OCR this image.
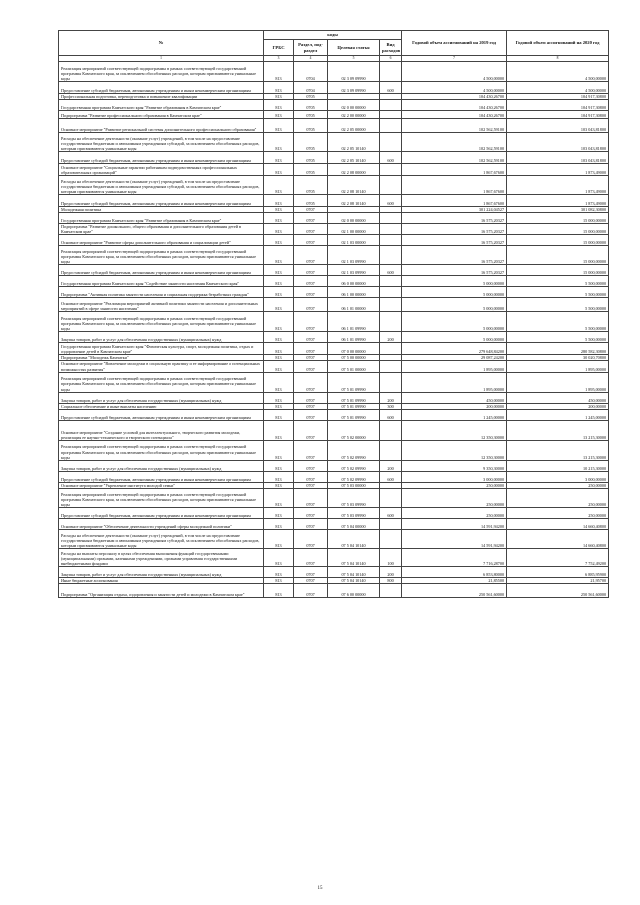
№	коды				Годовой объем ассигнований на 2019 год	Годовой объем ассигнований на 2020 год
	ГРБС	Раздел, под-раздел	Целевая статья	Вид расходов		
1	3	4	5	6	7	8
Реализация мероприятий соответствующей подпрограммы в рамках соответствующей государственной программы Камчатского края, за исключением обособленных расходов, которым присваиваются уникальные коды	813	0704	02 3 09 09990		4 500,00000	4 500,00000
Предоставление субсидий бюджетным, автономным учреждениям и иным некоммерческим организациям	813	0704	02 3 09 09990	600	4 500,00000	4 500,00000
Профессиональная подготовка, переподготовка и повышение квалификации	813	0705			104 430,26700	104 917,30800
Государственная программа Камчатского края "Развитие образования в Камчатском крае"	813	0705	02 0 00 00000		104 430,26700	104 917,30800
Подпрограмма "Развитие профессионального образования в Камчатском крае"	813	0705	02 2 00 00000		104 430,26700	104 917,30800
Основное мероприятие "Развитие региональной системы дополнительного профессионального образования"	813	0705	02 2 05 00000		102 562,59100	103 043,81800
Расходы на обеспечение деятельности (оказание услуг) учреждений, в том числе на предоставление государственным бюджетным и автономным учреждениям субсидий, за исключением обособленных расходов, которым присваиваются уникальные коды	813	0705	02 2 05 10140		102 562,59100	103 043,81800
Предоставление субсидий бюджетным, автономным учреждениям и иным некоммерческим организациям	813	0705	02 2 05 10140	600	102 562,59100	103 043,81800
Основное мероприятие "Социальные гарантии работникам подведомственных профессиональных образовательных организаций"	813	0705	02 2 08 00000		1 867,67600	1 873,49000
Расходы на обеспечение деятельности (оказание услуг) учреждений, в том числе на предоставление государственным бюджетным и автономным учреждениям субсидий, за исключением обособленных расходов, которым присваиваются уникальные коды	813	0705	02 2 08 10140		1 867,67600	1 873,49000
Предоставление субсидий бюджетным, автономным учреждениям и иным некоммерческим организациям	813	0705	02 2 08 10140	600	1 867,67600	1 873,49000
Молодежная политика	813	0707			301 224,04527	301 082,30800
Государственная программа Камчатского края "Развитие образования в Камчатском крае"	813	0707	02 0 00 00000		16 575,20327	15 000,00000
Подпрограмма "Развитие дошкольного, общего образования и дополнительного образования детей в Камчатском крае"	813	0707	02 1 00 00000		16 575,20327	15 000,00000
Основное мероприятие "Развитие сферы дополнительного образования и социализации детей"	813	0707	02 1 03 00000		16 575,20327	15 000,00000
Реализация мероприятий соответствующей подпрограммы в рамках соответствующей государственной программы Камчатского края, за исключением обособленных расходов, которым присваиваются уникальные коды	813	0707	02 1 03 09990		16 575,20327	15 000,00000
Предоставление субсидий бюджетным, автономным учреждениям и иным некоммерческим организациям	813	0707	02 1 03 09990	600	16 575,20327	15 000,00000
Государственная программа Камчатского края "Содействие занятости населения Камчатского края"	813	0707	06 0 00 00000		5 000,00000	5 500,00000
Подпрограмма "Активная политика занятости населения и социальная поддержка безработных граждан"	813	0707	06 1 00 00000		5 000,00000	5 500,00000
Основное мероприятие "Реализация мероприятий активной политики занятости населения и дополнительных мероприятий в сфере занятости населения"	813	0707	06 1 01 00000		5 000,00000	5 500,00000
Реализация мероприятий соответствующей подпрограммы в рамках соответствующей государственной программы Камчатского края, за исключением обособленных расходов, которым присваиваются уникальные коды	813	0707	06 1 01 09990		5 000,00000	5 500,00000
Закупка товаров, работ и услуг для обеспечения государственных (муниципальных) нужд	813	0707	06 1 01 09990	200	5 000,00000	5 500,00000
Государственная программа Камчатского края "Физическая культура, спорт, молодежная политика, отдых и оздоровление детей в Камчатском крае"	813	0707	07 0 00 00000		279 648,84200	280 582,30800
Подпрограмма "Молодежь Камчатки"	813	0707	07 5 00 00000		29 087,24200	30 020,70800
Основное мероприятие "Вовлечение молодежи в социальную практику и ее информирование о потенциальных возможностях развития"	813	0707	07 5 01 00000		1 895,00000	1 895,00000
Реализация мероприятий соответствующей подпрограммы в рамках соответствующей государственной программы Камчатского края, за исключением обособленных расходов, которым присваиваются уникальные коды	813	0707	07 5 01 09990		1 895,00000	1 895,00000
Закупка товаров, работ и услуг для обеспечения государственных (муниципальных) нужд	813	0707	07 5 01 09990	200	450,00000	450,00000
Социальное обеспечение и иные выплаты населению	813	0707	07 5 01 09990	300	200,00000	200,00000
Предоставление субсидий бюджетным, автономным учреждениям и иным некоммерческим организациям	813	0707	07 5 01 09990	600	1 245,00000	1 245,00000
Основное мероприятие "Создание условий для интеллектуального, творческого развития молодежи, реализация ее научно-технического и творческого потенциала"	813	0707	07 5 02 00000		12 350,30000	13 215,30000
Реализация мероприятий соответствующей подпрограммы в рамках соответствующей государственной программы Камчатского края, за исключением обособленных расходов, которым присваиваются уникальные коды	813	0707	07 5 02 09990		12 350,30000	13 215,30000
Закупка товаров, работ и услуг для обеспечения государственных (муниципальных) нужд	813	0707	07 5 02 09990	200	9 350,30000	10 215,30000
Предоставление субсидий бюджетным, автономным учреждениям и иным некоммерческим организациям	813	0707	07 5 02 09990	600	3 000,00000	3 000,00000
Основное мероприятие "Укрепление института молодой семьи"	813	0707	07 5 03 00000		250,00000	250,00000
Реализация мероприятий соответствующей подпрограммы в рамках соответствующей государственной программы Камчатского края, за исключением обособленных расходов, которым присваиваются уникальные коды	813	0707	07 5 03 09990		250,00000	250,00000
Предоставление субсидий бюджетным, автономным учреждениям и иным некоммерческим организациям	813	0707	07 5 03 09990	600	250,00000	250,00000
Основное мероприятие "Обеспечение деятельности учреждений сферы молодежной политики"	813	0707	07 5 04 00000		14 591,94200	14 660,40800
Расходы на обеспечение деятельности (оказание услуг) учреждений, в том числе на предоставление государственным бюджетным и автономным учреждениям субсидий, за исключением обособленных расходов, которым присваиваются уникальные коды	813	0707	07 5 04 10140		14 591,94200	14 660,40800
Расходы на выплаты персоналу в целях обеспечения выполнения функций государственными (муниципальными) органами, казенными учреждениями, органами управления государственными внебюджетными фондами	813	0707	07 5 04 10140	100	7 716,28700	7 752,49200
Закупка товаров, работ и услуг для обеспечения государственных (муниципальных) нужд	813	0707	07 5 04 10140	200	6 853,80000	6 885,95900
Иные бюджетные ассигнования	813	0707	07 5 04 10140	800	21,85500	21,95700
Подпрограмма "Организация отдыха, оздоровления и занятости детей и молодежи в Камчатском крае"	813	0707	07 6 00 00000		250 561,60000	250 561,60000
15
